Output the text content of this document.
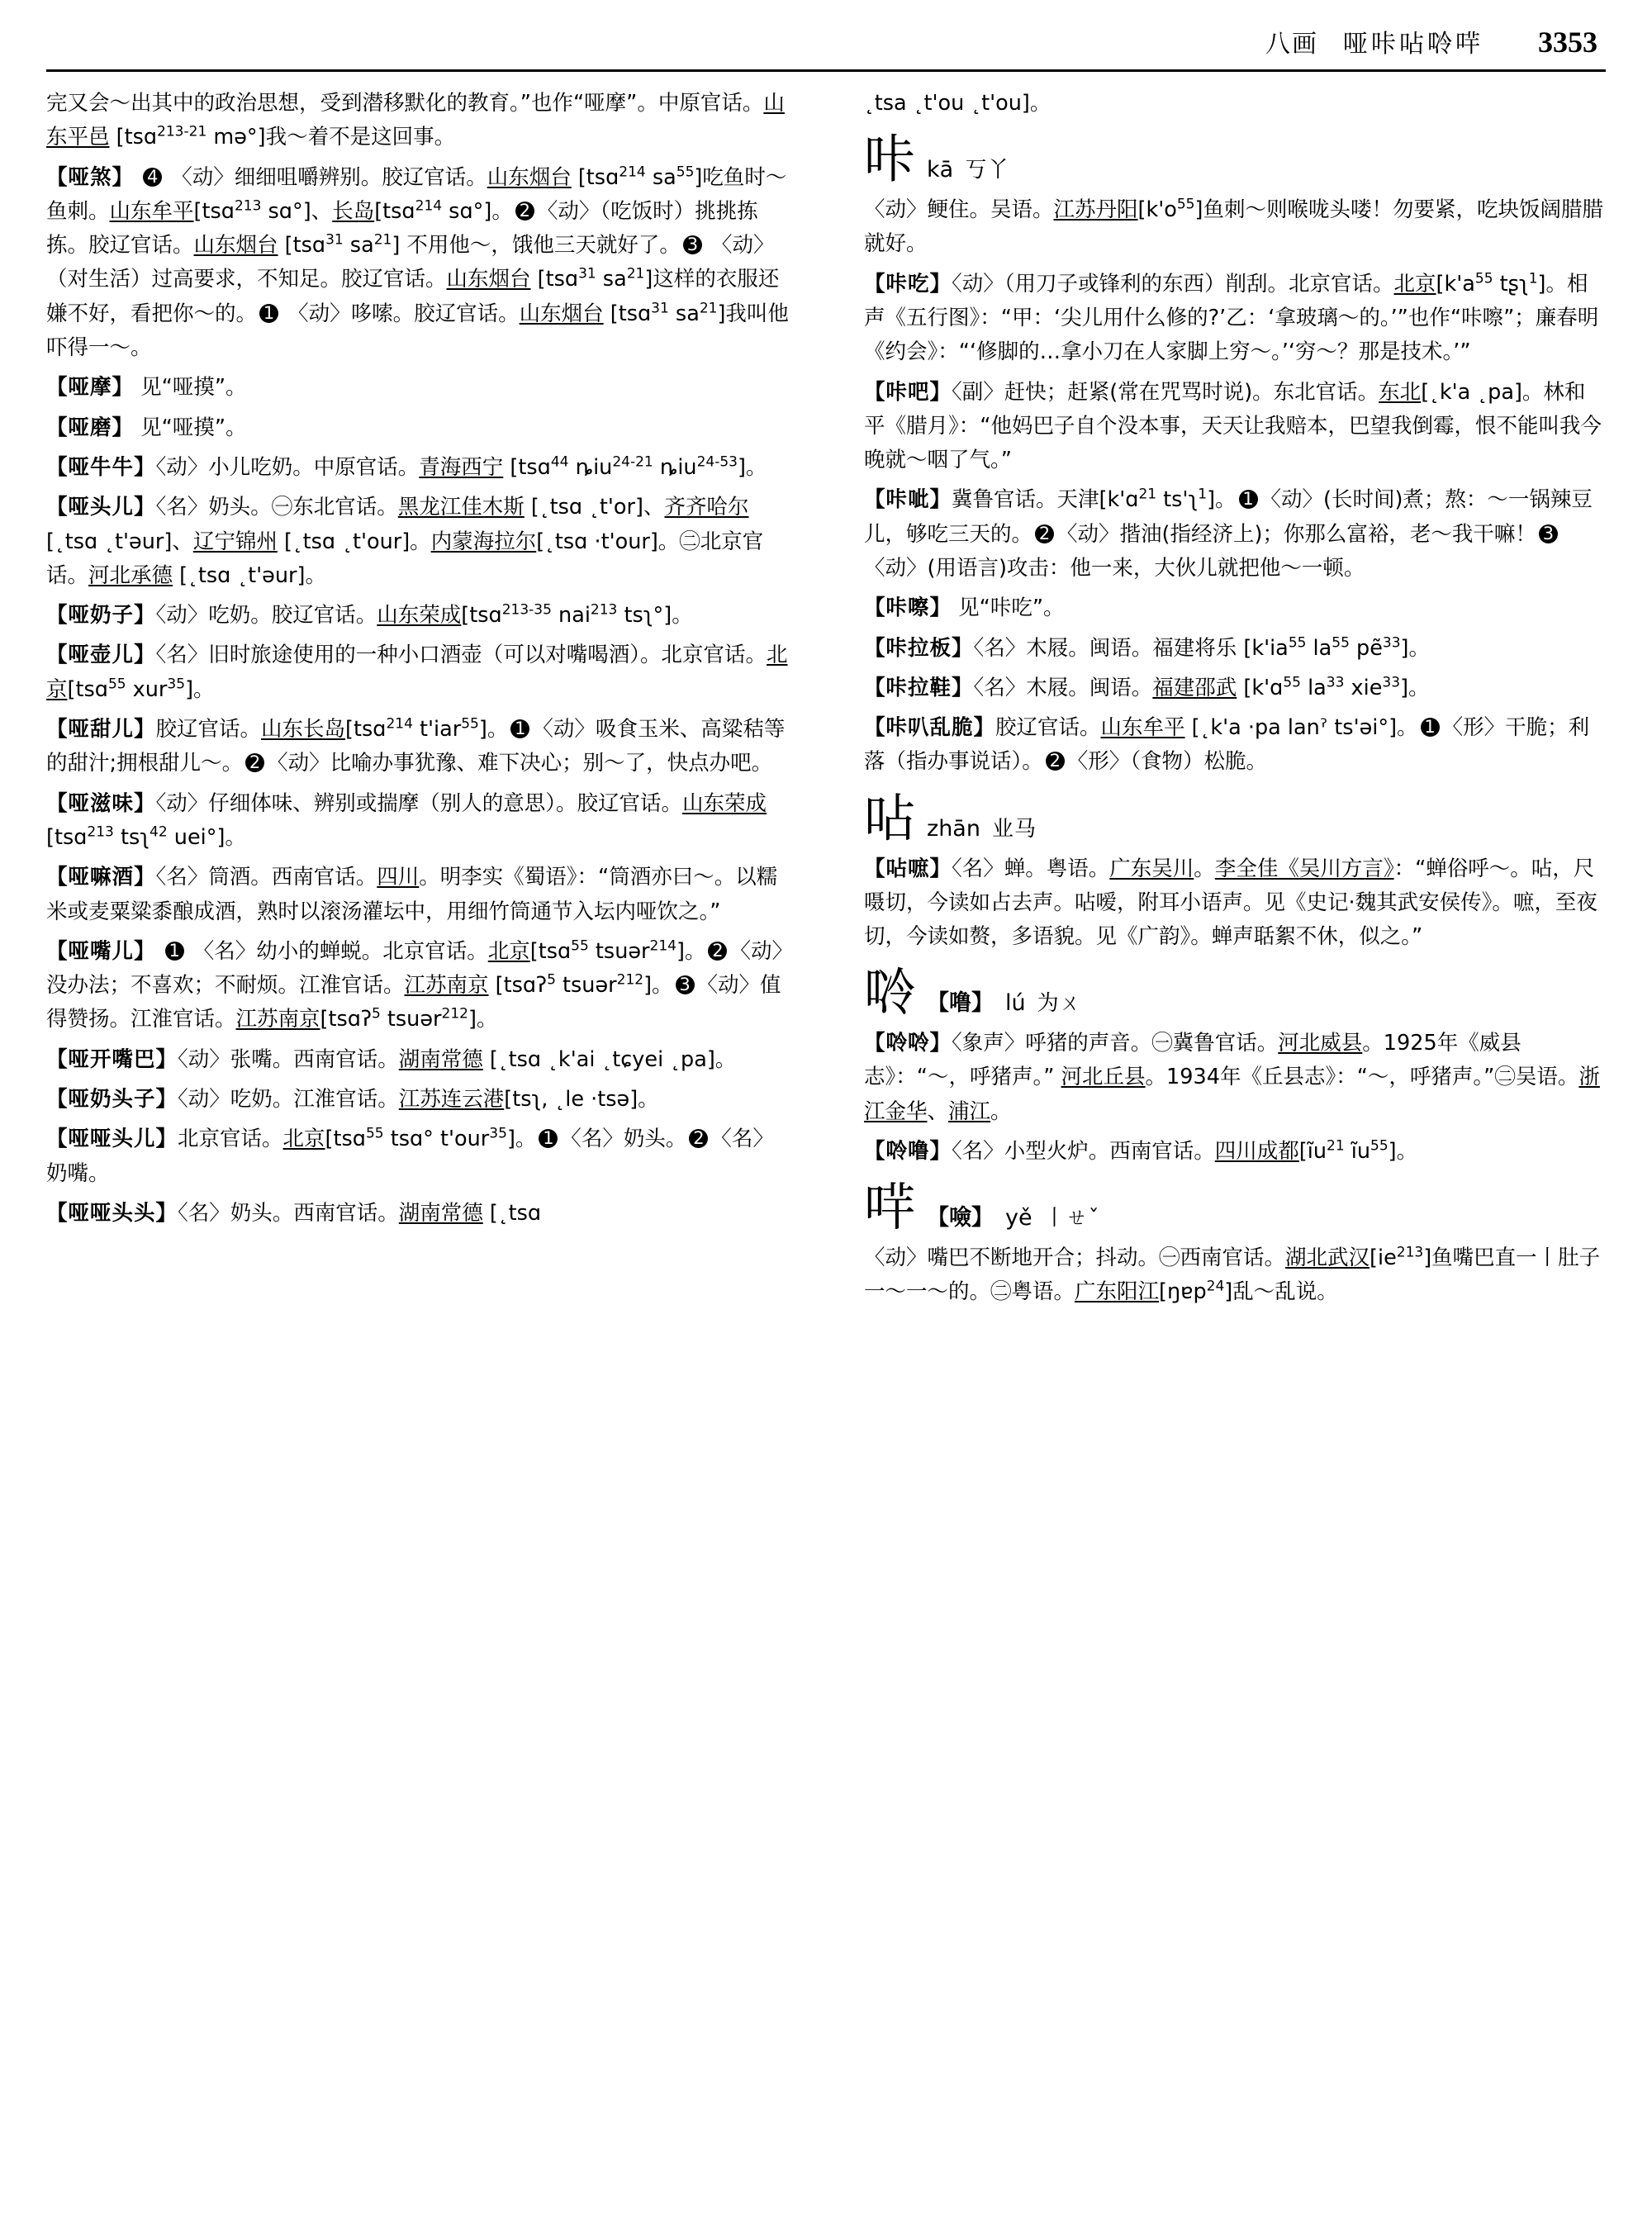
八画 哑咔呫唥哶 3353
完又会～出其中的政治思想，受到潜移默化的教育。”也作“哑摩”。中原官话。山东平邑 [tsɑ$^{213-21}$ mə°]我～着不是这回事。
【哑煞】 4 〈动〉细细咀嚼辨别。胶辽官话。山东烟台 [tsɑ$^{214}$ $sa^{55}$]吃鱼时～鱼刺。山东牟平[tsɑ$^{213}$ sɑ°]、长岛[tsɑ$^{214}$ sɑ°]。 2 〈动〉（吃饭时）挑挑拣拣。胶辽官话。山东烟台 [tsɑ$^{31}$ $sa^{21}$] 不用他～，饿他三天就好了。 3 〈动〉（对生活）过高要求，不知足。胶辽官话。山东烟台 [tsɑ$^{31}$ $sa^{21}$]这样的衣服还嫌不好，看把你～的。 1 〈动〉哆嗦。胶辽官话。山东烟台 [tsɑ$^{31}$ $sa^{21}$]我叫他吓得一～。
【哑摩】 见“哑摸”。
【哑磨】 见“哑摸”。
【哑牛牛】〈动〉小儿吃奶。中原官话。青海西宁 [tsɑ$^{44}$ ȵiu$^{24-21}$ ȵiu$^{24-53}$]。
【哑头儿】〈名〉奶头。㊀东北官话。黑龙江佳木斯 [˛tsɑ ˛t'or]、齐齐哈尔 [˛tsɑ ˛t'əur]、辽宁锦州 [˛tsɑ ˛t'our]。内蒙海拉尔[˛tsɑ ·t'our]。㊁北京官话。河北承德 [˛tsɑ ˛t'əur]。
【哑奶子】〈动〉吃奶。胶辽官话。山东荣成[tsɑ$^{213-35}$ nai$^{213}$ tsʅ°]。
【哑壶儿】〈名〉旧时旅途使用的一种小口酒壶（可以对嘴喝酒）。北京官话。北京[tsɑ$^{55}$ xur$^{35}$]。
【哑甜儿】胶辽官话。山东长岛[tsɑ$^{214}$ t'iar$^{55}$]。 1 〈动〉吸食玉米、高粱秸等的甜汁;拥根甜儿～。 2 〈动〉比喻办事犹豫、难下决心；别～了，快点办吧。
【哑滋味】〈动〉仔细体味、辨别或揣摩（别人的意思）。胶辽官话。山东荣成[tsɑ$^{213}$ tsʅ$^{42}$ uei°]。
【哑嘛酒】〈名〉筒酒。西南官话。四川。明李实《蜀语》：“筒酒亦曰～。以糯米或麦粟粱黍酿成酒，熟时以滚汤灌坛中，用细竹筒通节入坛内哑饮之。”
【哑嘴儿】 1 〈名〉幼小的蝉蜕。北京官话。北京[tsɑ$^{55}$ tsuər$^{214}$]。 2 〈动〉没办法；不喜欢；不耐烦。江淮官话。江苏南京 [tsɑʔ$^5$ tsuər$^{212}$]。 3 〈动〉值得赞扬。江淮官话。江苏南京[tsɑʔ$^5$ tsuər$^{212}$]。
【哑开嘴巴】〈动〉张嘴。西南官话。湖南常德 [˛tsɑ ˛k'ai ˛tɕyei ˛pa]。
【哑奶头子】〈动〉吃奶。江淮官话。江苏连云港[tsʅ, ˛le ·tsə]。
【哑哑头儿】北京官话。北京[tsɑ$^{55}$ tsɑ° t'our$^{35}$]。 1 〈名〉奶头。 2 〈名〉奶嘴。
【哑哑头头】〈名〉奶头。西南官话。湖南常德 [˛tsɑ
˛tsa ˛t'ou ˛t'ou]。
咔 kā 丂丫
〈动〉鲠住。吴语。江苏丹阳$[k'o^{55}]$鱼刺～则喉咙头喽！勿要紧，吃块饭阔腊腊就好。
【咔吃】〈动〉（用刀子或锋利的东西）削刮。北京官话。北京[$k'a^{55}$ tʂʅ$^1$]。相声《五行图》：“甲：‘尖儿用什么修的?’乙：‘拿玻璃～的。’”也作“咔嚓”；廉春明《约会》：“‘修脚的…拿小刀在人家脚上穷～。’‘穷～？那是技术。’”
【咔吧】〈副〉赶快；赶紧(常在咒骂时说)。东北官话。东北[˛k'a ˛pa]。林和平《腊月》：“他妈巴子自个没本事，天天让我赔本，巴望我倒霉，恨不能叫我今晚就～咽了气。”
【咔呲】冀鲁官话。天津[k'ɑ$^{21}$ ts'ʅ$^1$]。 1 〈动〉(长时间)煮；熬：～一锅辣豆儿，够吃三天的。 2 〈动〉揩油(指经济上)；你那么富裕，老～我干嘛！ 3〈动〉(用语言)攻击：他一来，大伙儿就把他～一顿。
【咔嚓】 见“咔吃”。
【咔拉板】〈名〉木屐。闽语。福建将乐 [$k'ia^{55}$ $la^{55}$ pẽ$^{33}$]。
【咔拉鞋】〈名〉木屐。闽语。福建邵武 [k'ɑ$^{55}$ $la^{33}$ xie$^{33}$]。
【咔叭乱脆】胶辽官话。山东牟平 [˛k'a ·pa lanˀ ts'əi°]。 1 〈形〉干脆；利落（指办事说话）。 2 〈形〉（食物）松脆。
呫 zhān 业马
【呫嗻】〈名〉蝉。粤语。广东吴川。李全佳《吴川方言》：“蝉俗呼～。呫，尺嗫切，今读如占去声。呫嗳，附耳小语声。见《史记·魏其武安侯传》。嗻，至夜切，今读如赘，多语貌。见《广韵》。蝉声聒絮不休，似之。”
唥 【噜】 lú 为ㄨ
【唥唥】〈象声〉呼猪的声音。㊀冀鲁官话。河北威县。1925年《威县志》：“～，呼猪声。” 河北丘县。1934年《丘县志》：“～，呼猪声。”㊁吴语。浙江金华、浦江。
【唥噜】〈名〉小型火炉。西南官话。四川成都[$ĩu^{21}$ $ĩu^{55}$]。
哶 【噞】 yě 丨ㄝˇ
〈动〉嘴巴不断地开合；抖动。㊀西南官话。湖北武汉$[ie^{213}]$鱼嘴巴直一丨肚子一～一～的。㊁粤语。广东阳江[ŋɐp$^{24}$]乱～乱说。
